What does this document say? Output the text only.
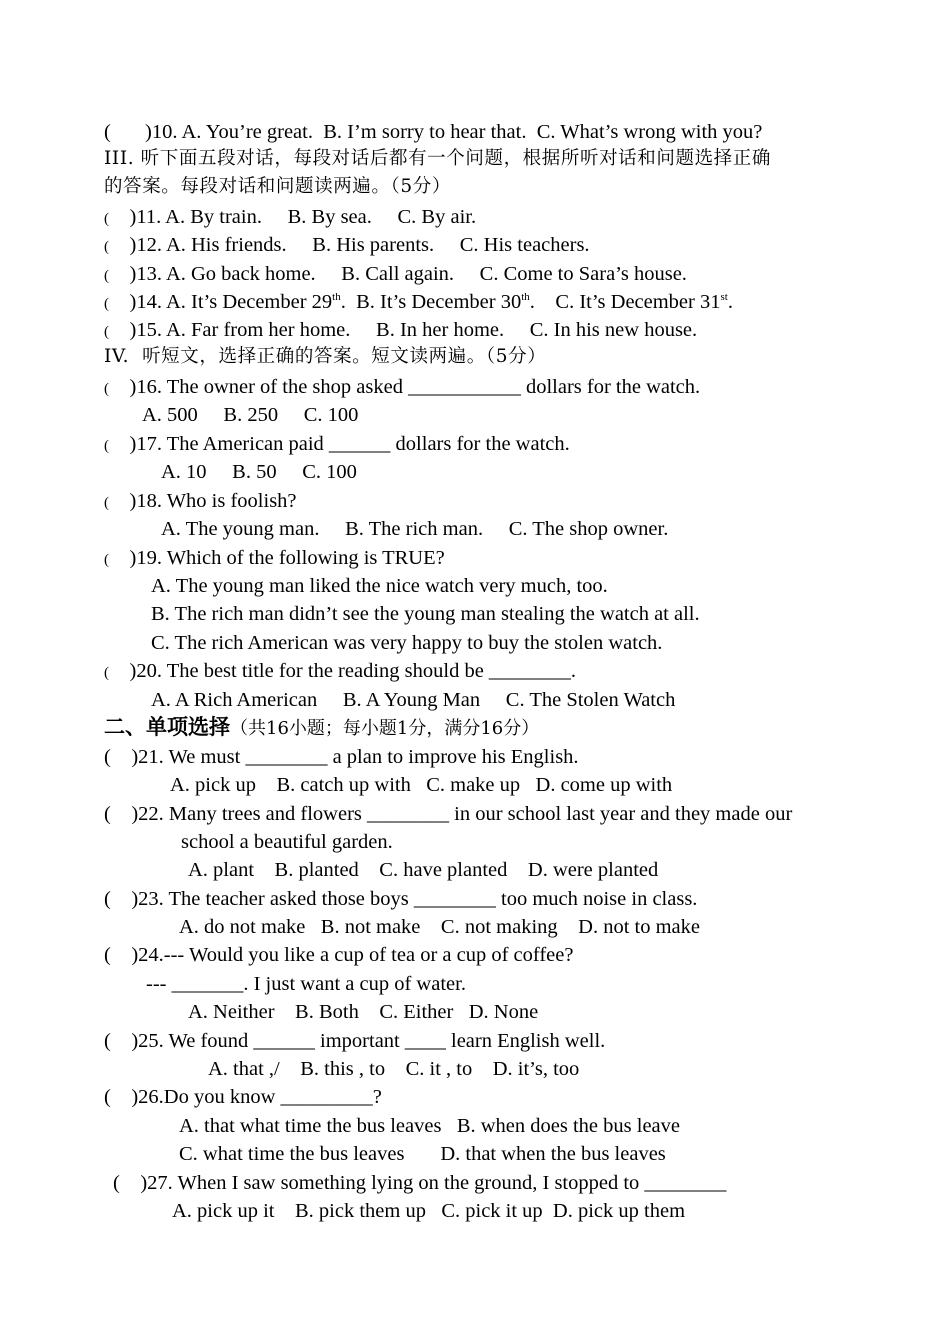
(	)10. A. You’re great.  B. I’m sorry to hear that.  C. What’s wrong with you?
III. 听下面五段对话，每段对话后都有一个问题，根据所听对话和问题选择正确
的答案。每段对话和问题读两遍。（5分）
( )11. A. By train.     B. By sea.     C. By air.
( )12. A. His friends.     B. His parents.     C. His teachers.
( )13. A. Go back home.     B. Call again.     C. Come to Sara’s house.
( )14. A. It’s December 29th.  B. It’s December 30th.    C. It’s December 31st.
( )15. A. Far from her home.     B. In her home.     C. In his new house.
IV.  听短文，选择正确的答案。短文读两遍。（5分）
( )16. The owner of the shop asked ___________ dollars for the watch.
A. 500     B. 250     C. 100
( )17. The American paid ______ dollars for the watch.
A. 10     B. 50     C. 100
( )18. Who is foolish?
A. The young man.     B. The rich man.     C. The shop owner.
( )19. Which of the following is TRUE?
A. The young man liked the nice watch very much, too.
B. The rich man didn’t see the young man stealing the watch at all.
C. The rich American was very happy to buy the stolen watch.
( )20. The best title for the reading should be ________.
A. A Rich American     B. A Young Man     C. The Stolen Watch
二、单项选择（共16小题；每小题1分，满分16分）
(    )21. We must ________ a plan to improve his English.
A. pick up    B. catch up with   C. make up   D. come up with
(    )22. Many trees and flowers ________ in our school last year and they made our
school a beautiful garden.
A. plant    B. planted    C. have planted    D. were planted
(    )23. The teacher asked those boys ________ too much noise in class.
A. do not make   B. not make    C. not making    D. not to make
(    )24.--- Would you like a cup of tea or a cup of coffee?
--- _______. I just want a cup of water.
A. Neither    B. Both    C. Either   D. None
(    )25. We found ______ important ____ learn English well.
A. that ,/    B. this , to    C. it , to    D. it’s, too
(    )26.Do you know _________?
A. that what time the bus leaves   B. when does the bus leave
C. what time the bus leaves       D. that when the bus leaves
(    )27. When I saw something lying on the ground, I stopped to ________
A. pick up it    B. pick them up   C. pick it up  D. pick up them
